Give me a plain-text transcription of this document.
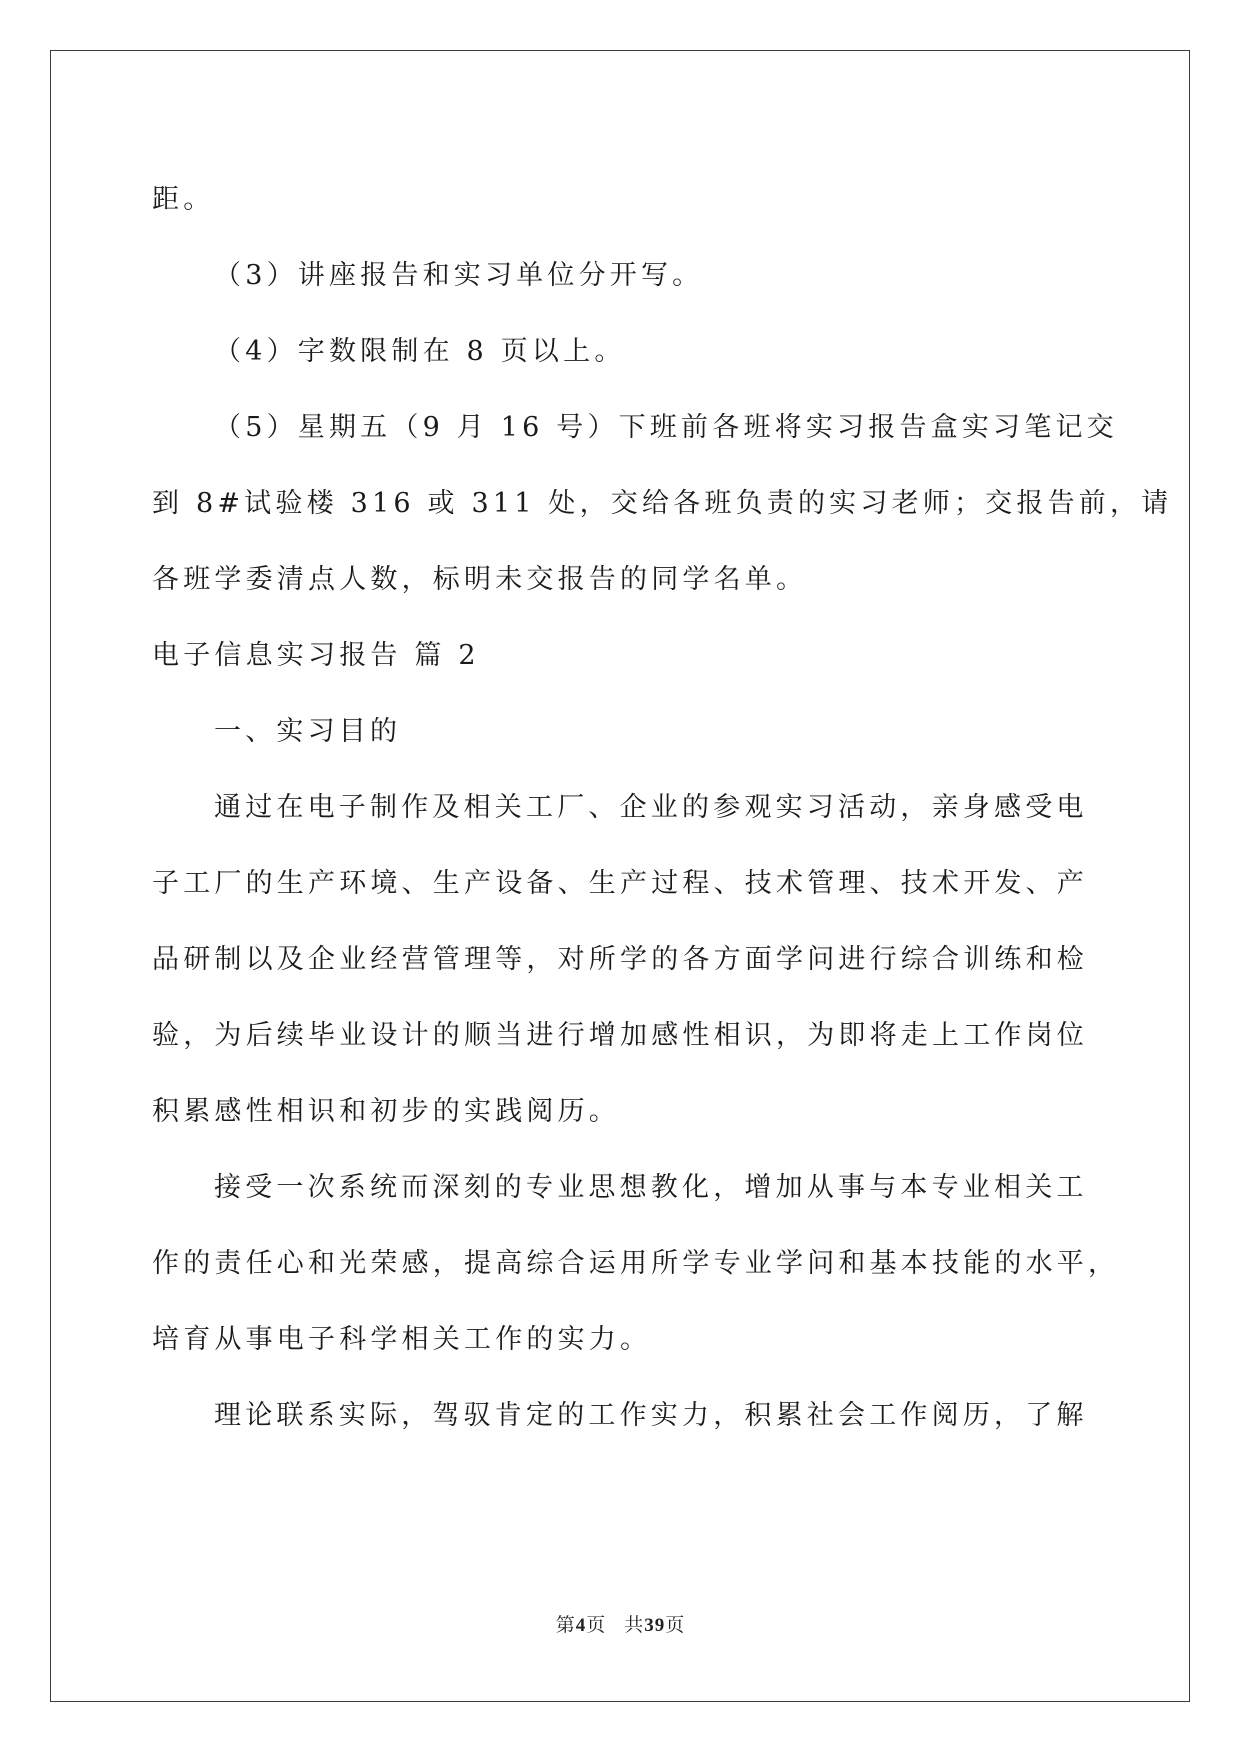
距。

（3）讲座报告和实习单位分开写。

（4）字数限制在 8 页以上。

（5）星期五（9 月 16 号）下班前各班将实习报告盒实习笔记交

到 8#试验楼 316 或 311 处，交给各班负责的实习老师；交报告前，请

各班学委清点人数，标明未交报告的同学名单。

电子信息实习报告 篇 2

一、实习目的

通过在电子制作及相关工厂、企业的参观实习活动，亲身感受电

子工厂的生产环境、生产设备、生产过程、技术管理、技术开发、产

品研制以及企业经营管理等，对所学的各方面学问进行综合训练和检

验，为后续毕业设计的顺当进行增加感性相识，为即将走上工作岗位

积累感性相识和初步的实践阅历。

接受一次系统而深刻的专业思想教化，增加从事与本专业相关工

作的责任心和光荣感，提高综合运用所学专业学问和基本技能的水平，

培育从事电子科学相关工作的实力。

理论联系实际，驾驭肯定的工作实力，积累社会工作阅历，了解

第4页 共39页
